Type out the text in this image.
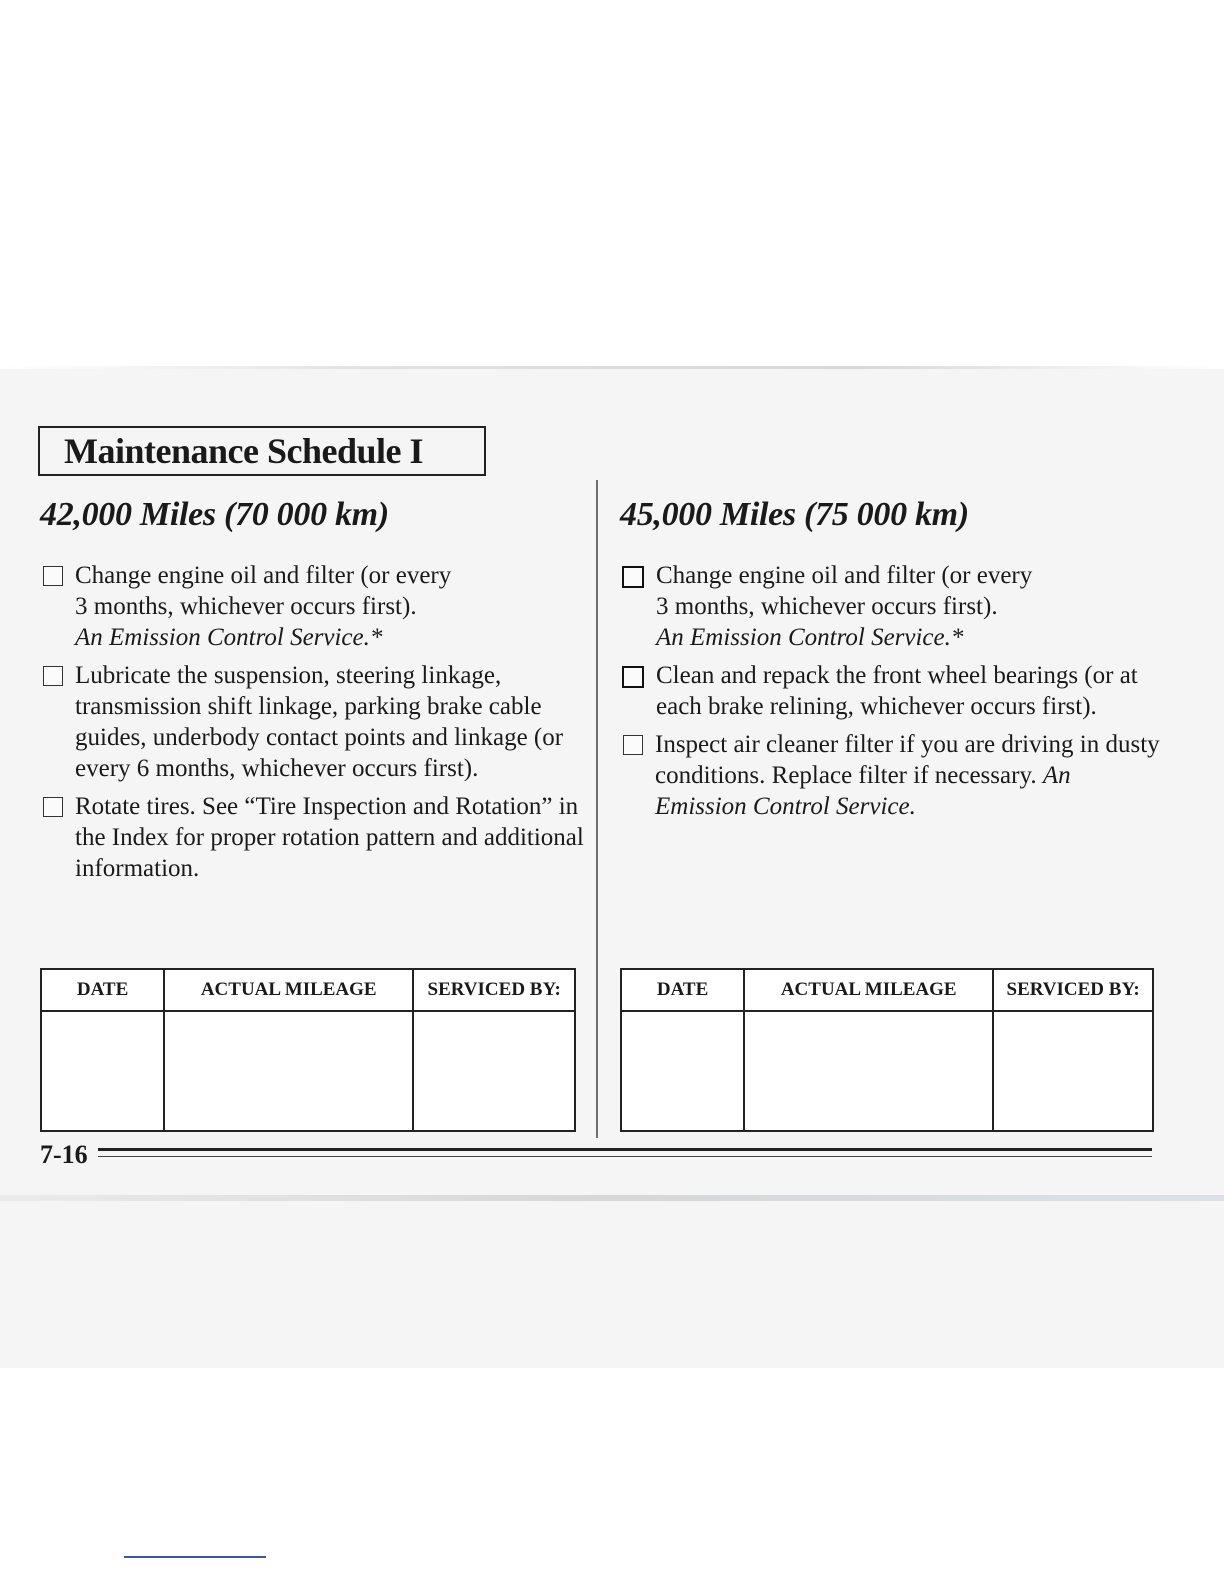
Maintenance Schedule I
42,000 Miles (70 000 km)
Change engine oil and filter (or every
3 months, whichever occurs first).
An Emission Control Service.*
Lubricate the suspension, steering linkage, transmission shift linkage, parking brake cable guides, underbody contact points and linkage (or every 6 months, whichever occurs first).
Rotate tires. See “Tire Inspection and Rotation” in the Index for proper rotation pattern and additional information.
45,000 Miles (75 000 km)
Change engine oil and filter (or every
3 months, whichever occurs first).
An Emission Control Service.*
Clean and repack the front wheel bearings (or at each brake relining, whichever occurs first).
Inspect air cleaner filter if you are driving in dusty conditions. Replace filter if necessary. An Emission Control Service.
DATE	ACTUAL MILEAGE	SERVICED BY:
			DATE	ACTUAL MILEAGE	SERVICED BY:

7-16
